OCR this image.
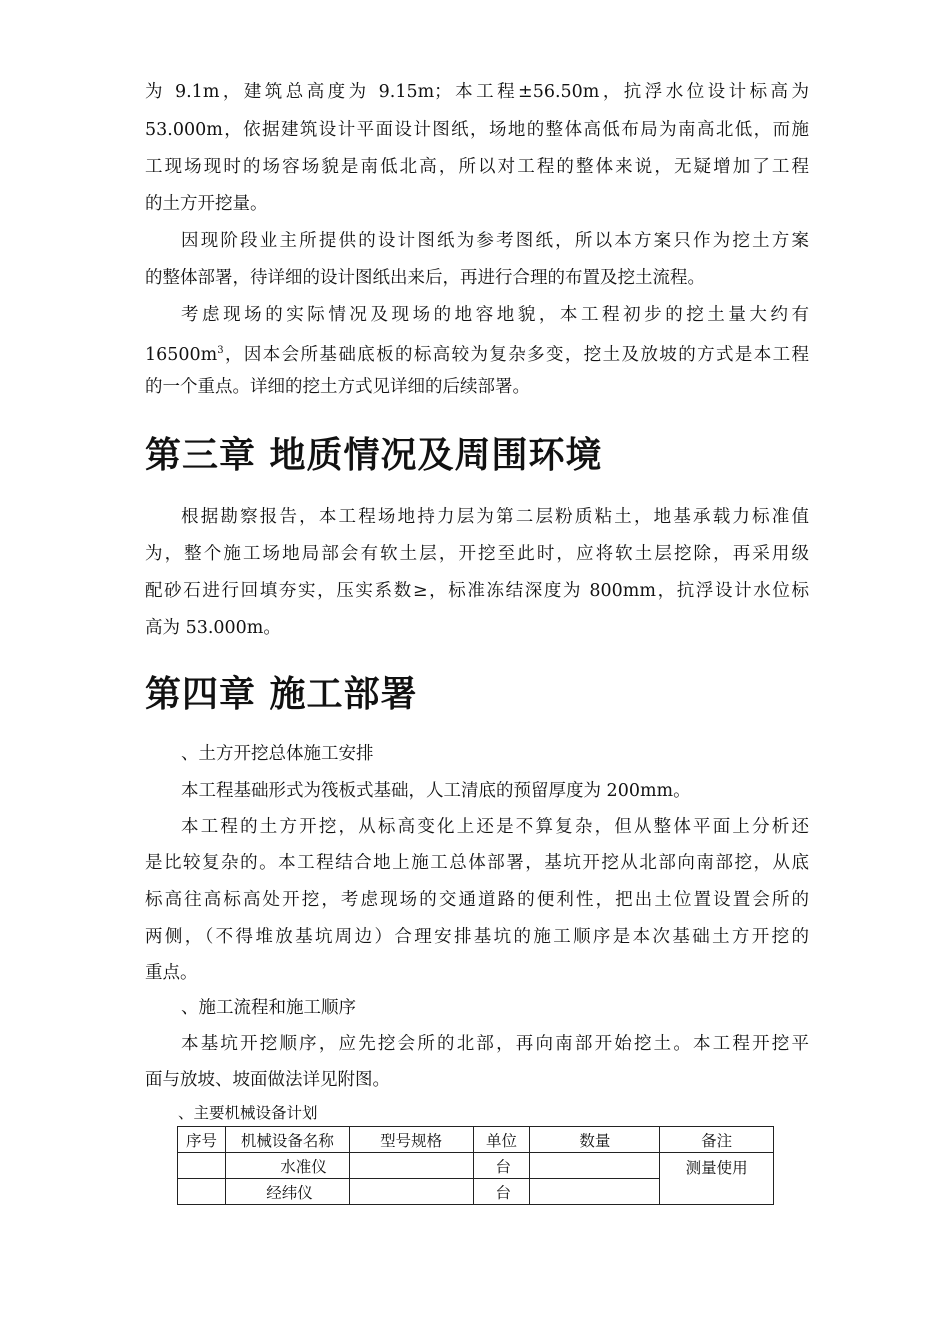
为 9.1m，建筑总高度为 9.15m；本工程±56.50m，抗浮水位设计标高为
53.000m，依据建筑设计平面设计图纸，场地的整体高低布局为南高北低，而施
工现场现时的场容场貌是南低北高，所以对工程的整体来说，无疑增加了工程
的土方开挖量。
因现阶段业主所提供的设计图纸为参考图纸，所以本方案只作为挖土方案
的整体部署，待详细的设计图纸出来后，再进行合理的布置及挖土流程。
考虑现场的实际情况及现场的地容地貌，本工程初步的挖土量大约有
$16500m^3$，因本会所基础底板的标高较为复杂多变，挖土及放坡的方式是本工程
的一个重点。详细的挖土方式见详细的后续部署。
第三章 地质情况及周围环境
根据勘察报告，本工程场地持力层为第二层粉质粘土，地基承载力标准值
为，整个施工场地局部会有软土层，开挖至此时，应将软土层挖除，再采用级
配砂石进行回填夯实，压实系数≥，标准冻结深度为 800mm，抗浮设计水位标
高为 53.000m。
第四章 施工部署
、土方开挖总体施工安排
本工程基础形式为筏板式基础，人工清底的预留厚度为 200mm。
本工程的土方开挖，从标高变化上还是不算复杂，但从整体平面上分析还
是比较复杂的。本工程结合地上施工总体部署，基坑开挖从北部向南部挖，从底
标高往高标高处开挖，考虑现场的交通道路的便利性，把出土位置设置会所的
两侧，（不得堆放基坑周边）合理安排基坑的施工顺序是本次基础土方开挖的
重点。
、施工流程和施工顺序
本基坑开挖顺序，应先挖会所的北部，再向南部开始挖土。本工程开挖平
面与放坡、坡面做法详见附图。
、主要机械设备计划
序号	机械设备名称	型号规格	单位	数量	备注
	水准仪		台		测量使用
	经纬仪		台		
